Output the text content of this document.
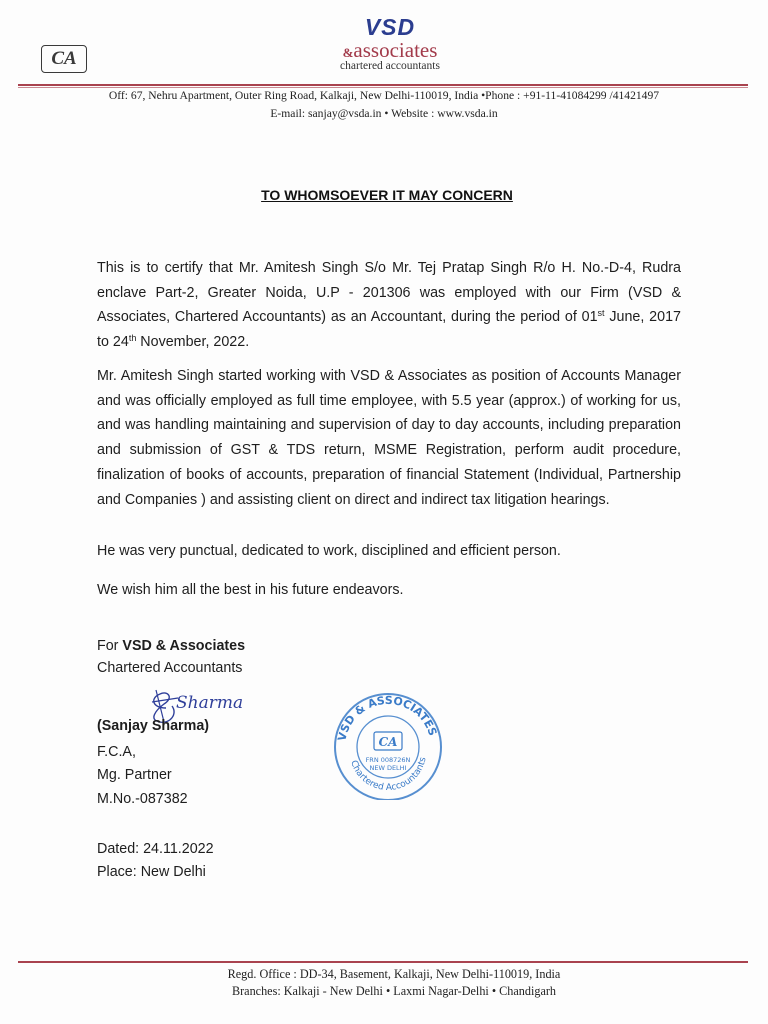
CA
VSD
&associates
chartered accountants
Off: 67, Nehru Apartment, Outer Ring Road, Kalkaji, New Delhi-110019, India •Phone : +91-11-41084299 /41421497
E-mail: sanjay@vsda.in • Website : www.vsda.in
TO WHOMSOEVER IT MAY CONCERN

This is to certify that Mr. Amitesh Singh S/o Mr. Tej Pratap Singh R/o H. No.-D-4, Rudra enclave Part-2, Greater Noida, U.P - 201306 was employed with our Firm (VSD & Associates, Chartered Accountants) as an Accountant, during the period of 01st June, 2017 to 24th November, 2022.

Mr. Amitesh Singh started working with VSD & Associates as position of Accounts Manager and was officially employed as full time employee, with 5.5 year (approx.) of working for us, and was handling maintaining and supervision of day to day accounts, including preparation and submission of GST & TDS return, MSME Registration, perform audit procedure, finalization of books of accounts, preparation of financial Statement (Individual, Partnership and Companies ) and assisting client on direct and indirect tax litigation hearings.

He was very punctual, dedicated to work, disciplined and efficient person.
We wish him all the best in his future endeavors.
For VSD & Associates
Chartered Accountants
Sharma
(Sanjay Sharma)
F.C.A,
Mg. Partner
M.No.-087382
Dated: 24.11.2022
Place: New Delhi
VSD & ASSOCIATES
Chartered Accountants
CA
FRN 008726N
NEW DELHI
Regd. Office : DD-34, Basement, Kalkaji, New Delhi-110019, India
Branches: Kalkaji - New Delhi • Laxmi Nagar-Delhi • Chandigarh
